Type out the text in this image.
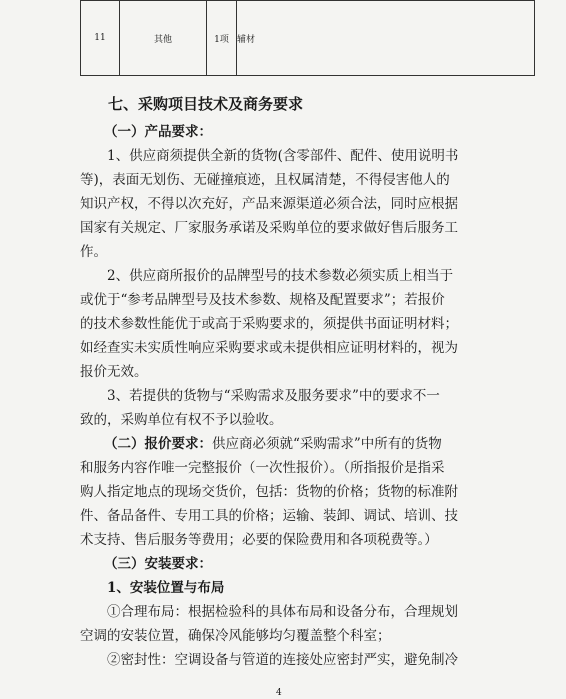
11	其他	1项	辅材
七、采购项目技术及商务要求
（一）产品要求：
1、供应商须提供全新的货物(含零部件、配件、使用说明书
等)，表面无划伤、无碰撞痕迹，且权属清楚，不得侵害他人的
知识产权，不得以次充好，产品来源渠道必须合法，同时应根据
国家有关规定、厂家服务承诺及采购单位的要求做好售后服务工
作。
2、供应商所报价的品牌型号的技术参数必须实质上相当于
或优于“参考品牌型号及技术参数、规格及配置要求”；若报价
的技术参数性能优于或高于采购要求的，须提供书面证明材料；
如经查实未实质性响应采购要求或未提供相应证明材料的，视为
报价无效。
3、若提供的货物与“采购需求及服务要求”中的要求不一
致的，采购单位有权不予以验收。
（二）报价要求：供应商必须就“采购需求”中所有的货物
和服务内容作唯一完整报价（一次性报价）。（所指报价是指采
购人指定地点的现场交货价，包括：货物的价格；货物的标准附
件、备品备件、专用工具的价格；运输、装卸、调试、培训、技
术支持、售后服务等费用；必要的保险费用和各项税费等。）
（三）安装要求：
1、安装位置与布局
①合理布局：根据检验科的具体布局和设备分布，合理规划
空调的安装位置，确保冷风能够均匀覆盖整个科室；
②密封性：空调设备与管道的连接处应密封严实，避免制冷
4
